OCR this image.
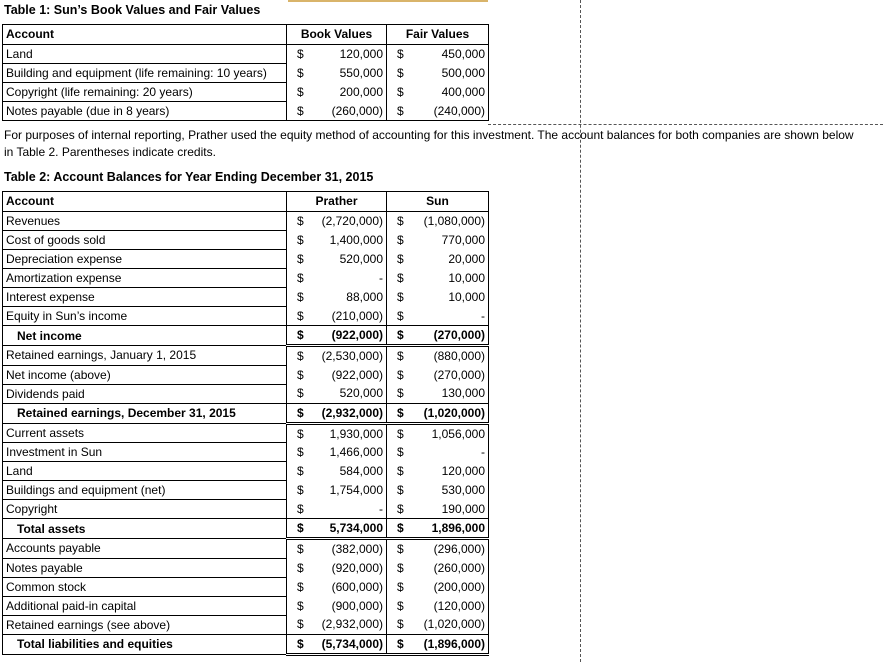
Table 1: Sun’s Book Values and Fair Values
Account	Book Values		Fair Values	
Land	$	120,000	$	450,000
Building and equipment (life remaining: 10 years)	$	550,000	$	500,000
Copyright (life remaining: 20 years)	$	200,000	$	400,000
Notes payable (due in 8 years)	$	(260,000)	$	(240,000)
For purposes of internal reporting, Prather used the equity method of accounting for this investment. The account balances for both companies are shown below in Table 2. Parentheses indicate credits.
Table 2: Account Balances for Year Ending December 31, 2015
Account	Prather		Sun	
Revenues	$	(2,720,000)	$	(1,080,000)
Cost of goods sold	$	1,400,000	$	770,000
Depreciation expense	$	520,000	$	20,000
Amortization expense	$	-	$	10,000
Interest expense	$	88,000	$	10,000
Equity in Sun’s income	$	(210,000)	$	-
Net income	$	(922,000)	$	(270,000)
Retained earnings, January 1, 2015	$	(2,530,000)	$	(880,000)
Net income (above)	$	(922,000)	$	(270,000)
Dividends paid	$	520,000	$	130,000
Retained earnings, December 31, 2015	$	(2,932,000)	$	(1,020,000)
Current assets	$	1,930,000	$	1,056,000
Investment in Sun	$	1,466,000	$	-
Land	$	584,000	$	120,000
Buildings and equipment (net)	$	1,754,000	$	530,000
Copyright	$	-	$	190,000
Total assets	$	5,734,000	$	1,896,000
Accounts payable	$	(382,000)	$	(296,000)
Notes payable	$	(920,000)	$	(260,000)
Common stock	$	(600,000)	$	(200,000)
Additional paid-in capital	$	(900,000)	$	(120,000)
Retained earnings (see above)	$	(2,932,000)	$	(1,020,000)
Total liabilities and equities	$	(5,734,000)	$	(1,896,000)
